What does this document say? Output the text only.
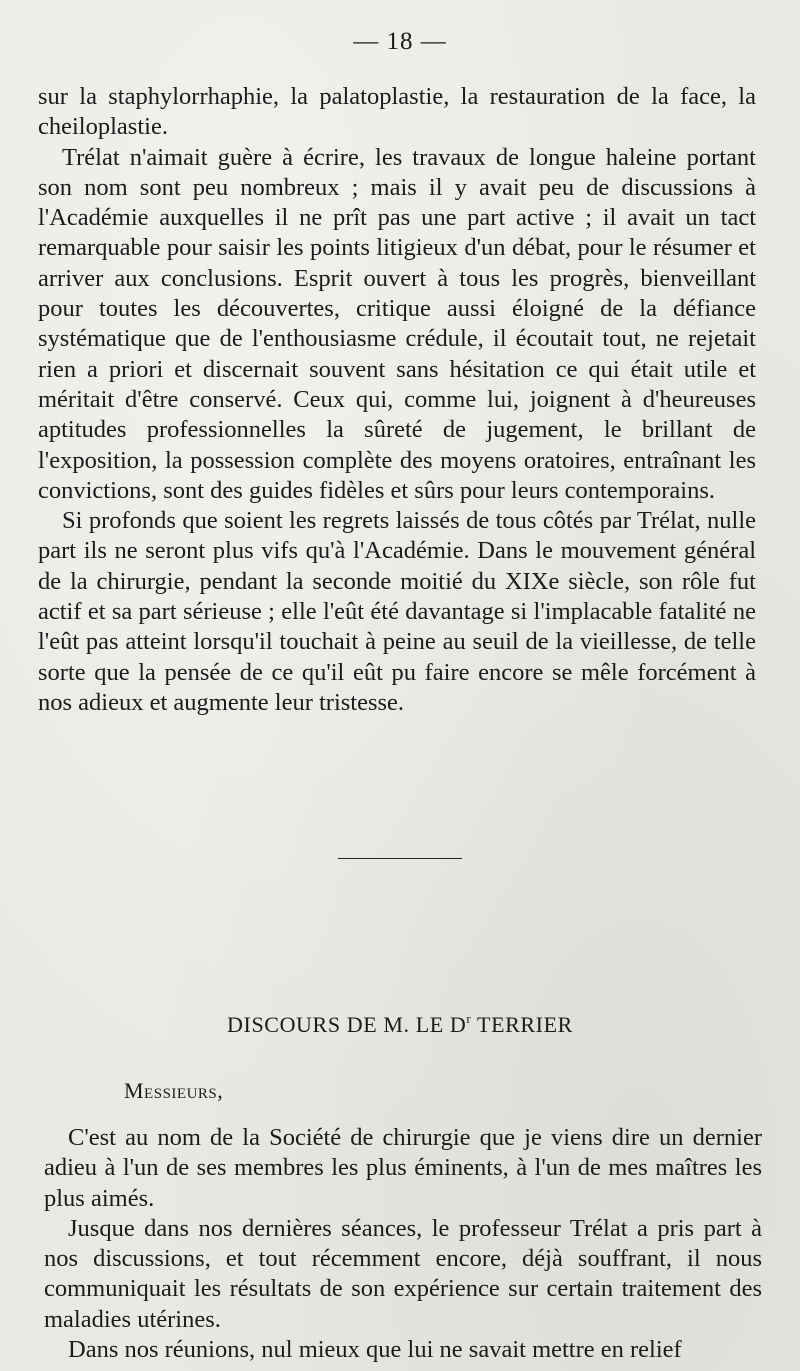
— 18 —

sur la staphylorrhaphie, la palatoplastie, la restauration de la face, la cheiloplastie.

Trélat n'aimait guère à écrire, les travaux de longue haleine portant son nom sont peu nombreux ; mais il y avait peu de discussions à l'Académie auxquelles il ne prît pas une part active ; il avait un tact remarquable pour saisir les points litigieux d'un débat, pour le résumer et arriver aux conclusions. Esprit ouvert à tous les progrès, bienveillant pour toutes les découvertes, critique aussi éloigné de la défiance systématique que de l'enthousiasme crédule, il écoutait tout, ne rejetait rien a priori et discernait souvent sans hésitation ce qui était utile et méritait d'être conservé. Ceux qui, comme lui, joignent à d'heureuses aptitudes professionnelles la sûreté de jugement, le brillant de l'exposition, la possession complète des moyens oratoires, entraînant les convictions, sont des guides fidèles et sûrs pour leurs contemporains.

Si profonds que soient les regrets laissés de tous côtés par Trélat, nulle part ils ne seront plus vifs qu'à l'Académie. Dans le mouvement général de la chirurgie, pendant la seconde moitié du XIXe siècle, son rôle fut actif et sa part sérieuse ; elle l'eût été davantage si l'implacable fatalité ne l'eût pas atteint lorsqu'il touchait à peine au seuil de la vieillesse, de telle sorte que la pensée de ce qu'il eût pu faire encore se mêle forcément à nos adieux et augmente leur tristesse.

DISCOURS DE M. LE $D^r$ TERRIER
Messieurs,

C'est au nom de la Société de chirurgie que je viens dire un dernier adieu à l'un de ses membres les plus éminents, à l'un de mes maîtres les plus aimés.

Jusque dans nos dernières séances, le professeur Trélat a pris part à nos discussions, et tout récemment encore, déjà souffrant, il nous communiquait les résultats de son expérience sur certain traitement des maladies utérines.

Dans nos réunions, nul mieux que lui ne savait mettre en relief
